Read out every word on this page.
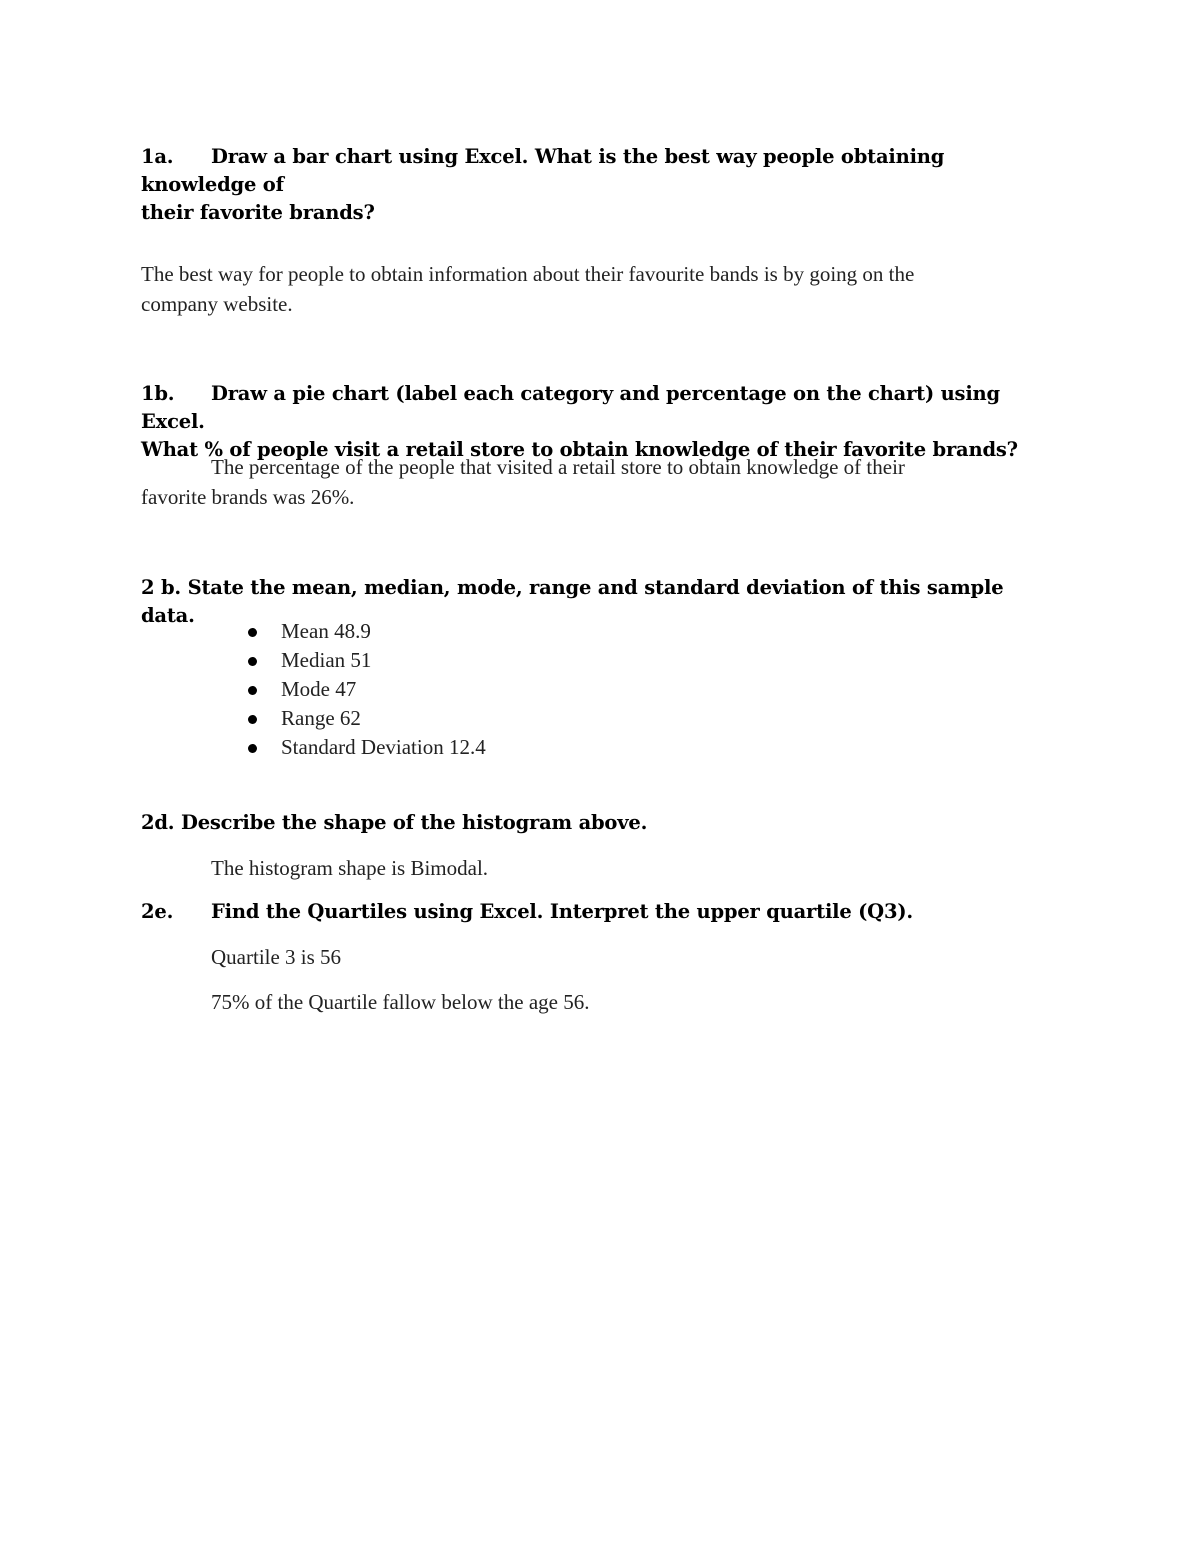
1a. Draw a bar chart using Excel. What is the best way people obtaining knowledge of
their favorite brands?
The best way for people to obtain information about their favourite bands is by going on the
company website.
1b. Draw a pie chart (label each category and percentage on the chart) using Excel.
What % of people visit a retail store to obtain knowledge of their favorite brands?
The percentage of the people that visited a retail store to obtain knowledge of their
favorite brands was 26%.
2 b. State the mean, median, mode, range and standard deviation of this sample data.
Mean 48.9
Median 51
Mode 47
Range 62
Standard Deviation 12.4
2d. Describe the shape of the histogram above.
The histogram shape is Bimodal.
2e. Find the Quartiles using Excel. Interpret the upper quartile (Q3).
Quartile 3 is 56
75% of the Quartile fallow below the age 56.
